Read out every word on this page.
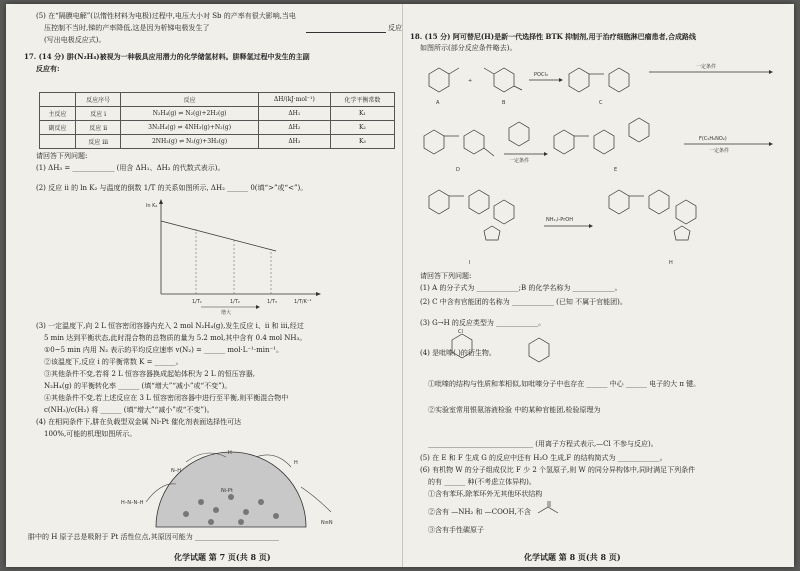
(5) 在“隔膜电解”(以惰性材料为电极)过程中,电压大小对 Sb 的产率有很大影响,当电
压控制不当时,锑的产率降低,这是因为析锑电极发生了	反应
(写出电极反应式)。
17. (14 分) 肼(N₂H₄)被视为一种极具应用潜力的化学储氢材料。肼释氢过程中发生的主副
反应有:
	反应序号	反应	ΔH/(kJ·mol⁻¹)	化学平衡常数
主反应	反应 ⅰ	N₂H₄(g) ⇌ N₂(g)+2H₂(g)	ΔH₁	K₁
副反应	反应 ⅱ	3N₂H₄(g) ⇌ 4NH₃(g)+N₂(g)	ΔH₂	K₂
	反应 ⅲ	2NH₃(g) ⇌ N₂(g)+3H₂(g)	ΔH₃	K₃
请回答下列问题:
(1) ΔH₃ = ____________ (用含 ΔH₁、ΔH₂ 的代数式表示)。
(2) 反应 ⅱ 的 ln K₂ 与温度的倒数 1/T 的关系如图所示, ΔH₂ ______ 0(填“>”或“<”)。
ln K₂
1/T₁	1/T₂	1/T₃	1/T/K⁻¹
增大
(3) 一定温度下,向 2 L 恒容密闭容器内充入 2 mol N₂H₄(g),发生反应 ⅰ、ⅱ 和 ⅲ,经过
5 min 达到平衡状态,此时混合物的总物质的量为 5.2 mol,其中含有 0.4 mol NH₃。
①0~5 min 内用 N₂ 表示的平均反应速率 v(N₂) = ______ mol·L⁻¹·min⁻¹。
②该温度下,反应 ⅰ 的平衡常数 K = ______。
③其他条件不变,若将 2 L 恒容容器换成起始体积为 2 L 的恒压容器,
N₂H₄(g) 的平衡转化率 ______ (填“增大”“减小”或“不变”)。
④其他条件不变,若上述反应在 3 L 恒容密闭容器中进行至平衡,则平衡混合物中
c(NH₃)/c(H₂) 将 ______ (填“增大”“减小”或“不变”)。
(4) 在相同条件下,肼在负载型双金属 Ni-Pt 催化剂表面选择性可达
100%,可能的机理如图所示。
Ni-Pt
H–N–N–H
N–H
H
H
N≡N
肼中的 H 原子总是吸附于 Pt 活性位点,其原因可能为 ________________________
化学试题 第 7 页(共 8 页)
18. (15 分) 阿可替尼(H)是新一代选择性 BTK 抑制剂,用于治疗细胞淋巴瘤患者,合成路线
如图所示(部分反应条件略去)。
A
+
B
POCl₃
C
一定条件
D
一定条件
E
F(C₅H₅NO₂)
一定条件
I
NH₃,i-PrOH
H
请回答下列问题:
(1) A 的分子式为 ____________;B 的化学名称为 ____________。
(2) C 中含有官能团的名称为 ____________ (已知 不属于官能团)。
(3) G→H 的反应类型为 ____________。
(4) 是吡嗪( )的衍生物。
Cl
①吡嗪的结构与性质和苯相似,如吡嗪分子中也存在 ______ 中心 ______ 电子的大 π 键。
②实验室常用银氨溶液检验 中的某种官能团,检验原理为
______________________________ (用离子方程式表示,—Cl 不参与反应)。
(5) 在 E 和 F 生成 G 的反应中还有 H₂O 生成,F 的结构简式为 ____________。
(6) 有机物 W 的分子组成仅比 F 少 2 个氢原子,则 W 的同分异构体中,同时满足下列条件
的有 ______ 种(不考虑立体异构)。
①含有苯环,除苯环外无其他环状结构
②含有 —NH₂ 和 —COOH,不含
③含有手性碳原子
化学试题 第 8 页(共 8 页)
